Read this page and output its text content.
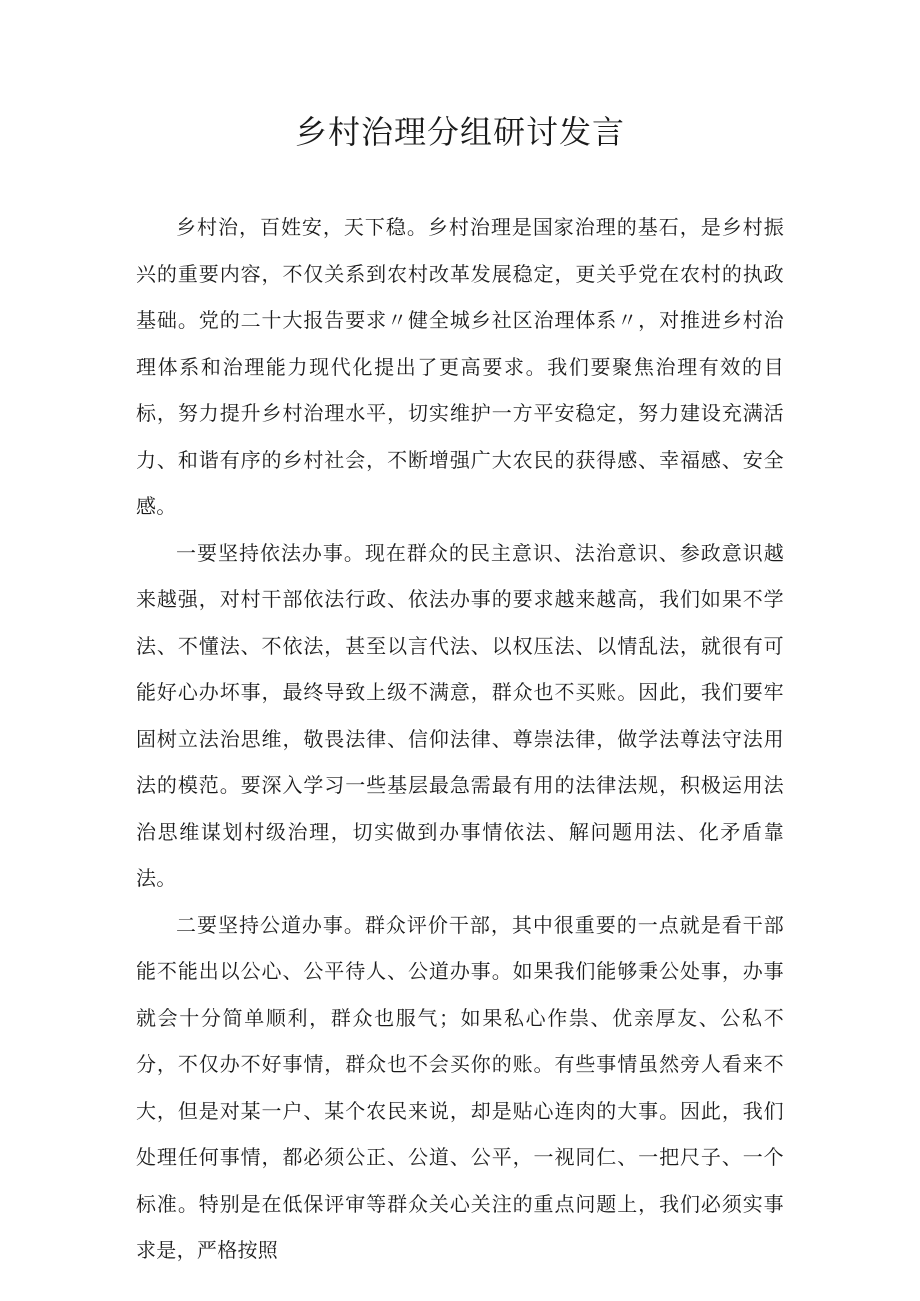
乡村治理分组研讨发言

乡村治，百姓安，天下稳。乡村治理是国家治理的基石，是乡村振兴的重要内容，不仅关系到农村改革发展稳定，更关乎党在农村的执政基础。党的二十大报告要求〃健全城乡社区治理体系〃，对推进乡村治理体系和治理能力现代化提出了更高要求。我们要聚焦治理有效的目标，努力提升乡村治理水平，切实维护一方平安稳定，努力建设充满活力、和谐有序的乡村社会，不断增强广大农民的获得感、幸福感、安全感。

一要坚持依法办事。现在群众的民主意识、法治意识、参政意识越来越强，对村干部依法行政、依法办事的要求越来越高，我们如果不学法、不懂法、不依法，甚至以言代法、以权压法、以情乱法，就很有可能好心办坏事，最终导致上级不满意，群众也不买账。因此，我们要牢固树立法治思维，敬畏法律、信仰法律、尊崇法律，做学法尊法守法用法的模范。要深入学习一些基层最急需最有用的法律法规，积极运用法治思维谋划村级治理，切实做到办事情依法、解问题用法、化矛盾靠法。

二要坚持公道办事。群众评价干部，其中很重要的一点就是看干部能不能出以公心、公平待人、公道办事。如果我们能够秉公处事，办事就会十分简单顺利，群众也服气；如果私心作祟、优亲厚友、公私不分，不仅办不好事情，群众也不会买你的账。有些事情虽然旁人看来不大，但是对某一户、某个农民来说，却是贴心连肉的大事。因此，我们处理任何事情，都必须公正、公道、公平，一视同仁、一把尺子、一个标准。特别是在低保评审等群众关心关注的重点问题上，我们必须实事求是，严格按照
